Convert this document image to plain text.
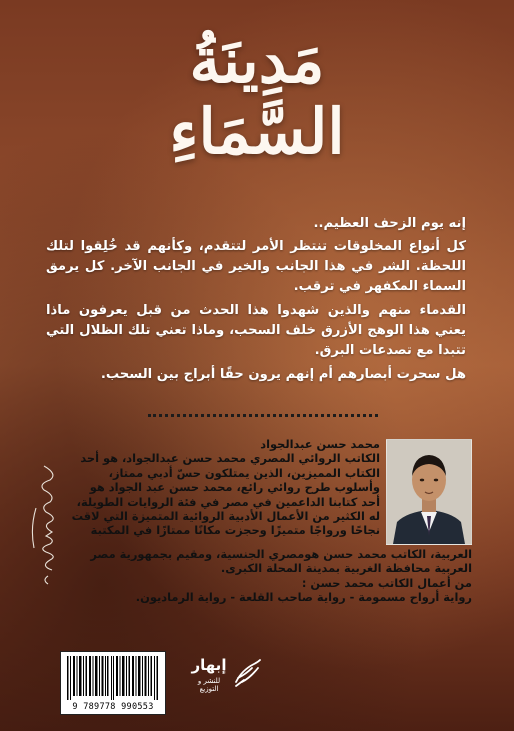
مَدِينَةُ
السَّمَاءِ

إنه يوم الزحف العظيم..

كل أنواع المخلوقات تنتظر الأمر لتتقدم، وكأنهم قد خُلِقوا لتلك اللحظة. الشر في هذا الجانب والخير في الجانب الآخر. كل يرمق السماء المكفهر في ترقب.

القدماء منهم والذين شهدوا هذا الحدث من قبل يعرفون ماذا يعني هذا الوهج الأزرق خلف السحب، وماذا تعني تلك الظلال التي تتبدا مع تصدعات البرق.

هل سحرت أبصارهم أم إنهم يرون حقًا أبراج بين السحب.

محمد حسن عبدالجواد
الكاتب الروائي المصري محمد حسن عبدالجواد، هو أحد
الكتاب المميزين، الذين يمتلكون حسّ أدبي ممتاز،
وأسلوب طرح روائي رائع، محمد حسن عبد الجواد هو
أحد كتابنا الداعمين في مصر في فئة الروايات الطويلة،
له الكثير من الأعمال الأدبية الروائية المتميزة التي لاقت
نجاحًا ورواجًا متميزًا وحجزت مكانًا ممتازًا في المكتبة

العربية، الكاتب محمد حسن هومصري الجنسية، ومقيم بجمهورية مصر

العربية محافظة الغربية بمدينة المحلة الكبرى.

من أعمال الكاتب محمد حسن :

رواية أرواح مسمومة - رواية صاحب القلعة - رواية الرماديون.

9 789778 990553
إبهار
للنشر و التوزيع
